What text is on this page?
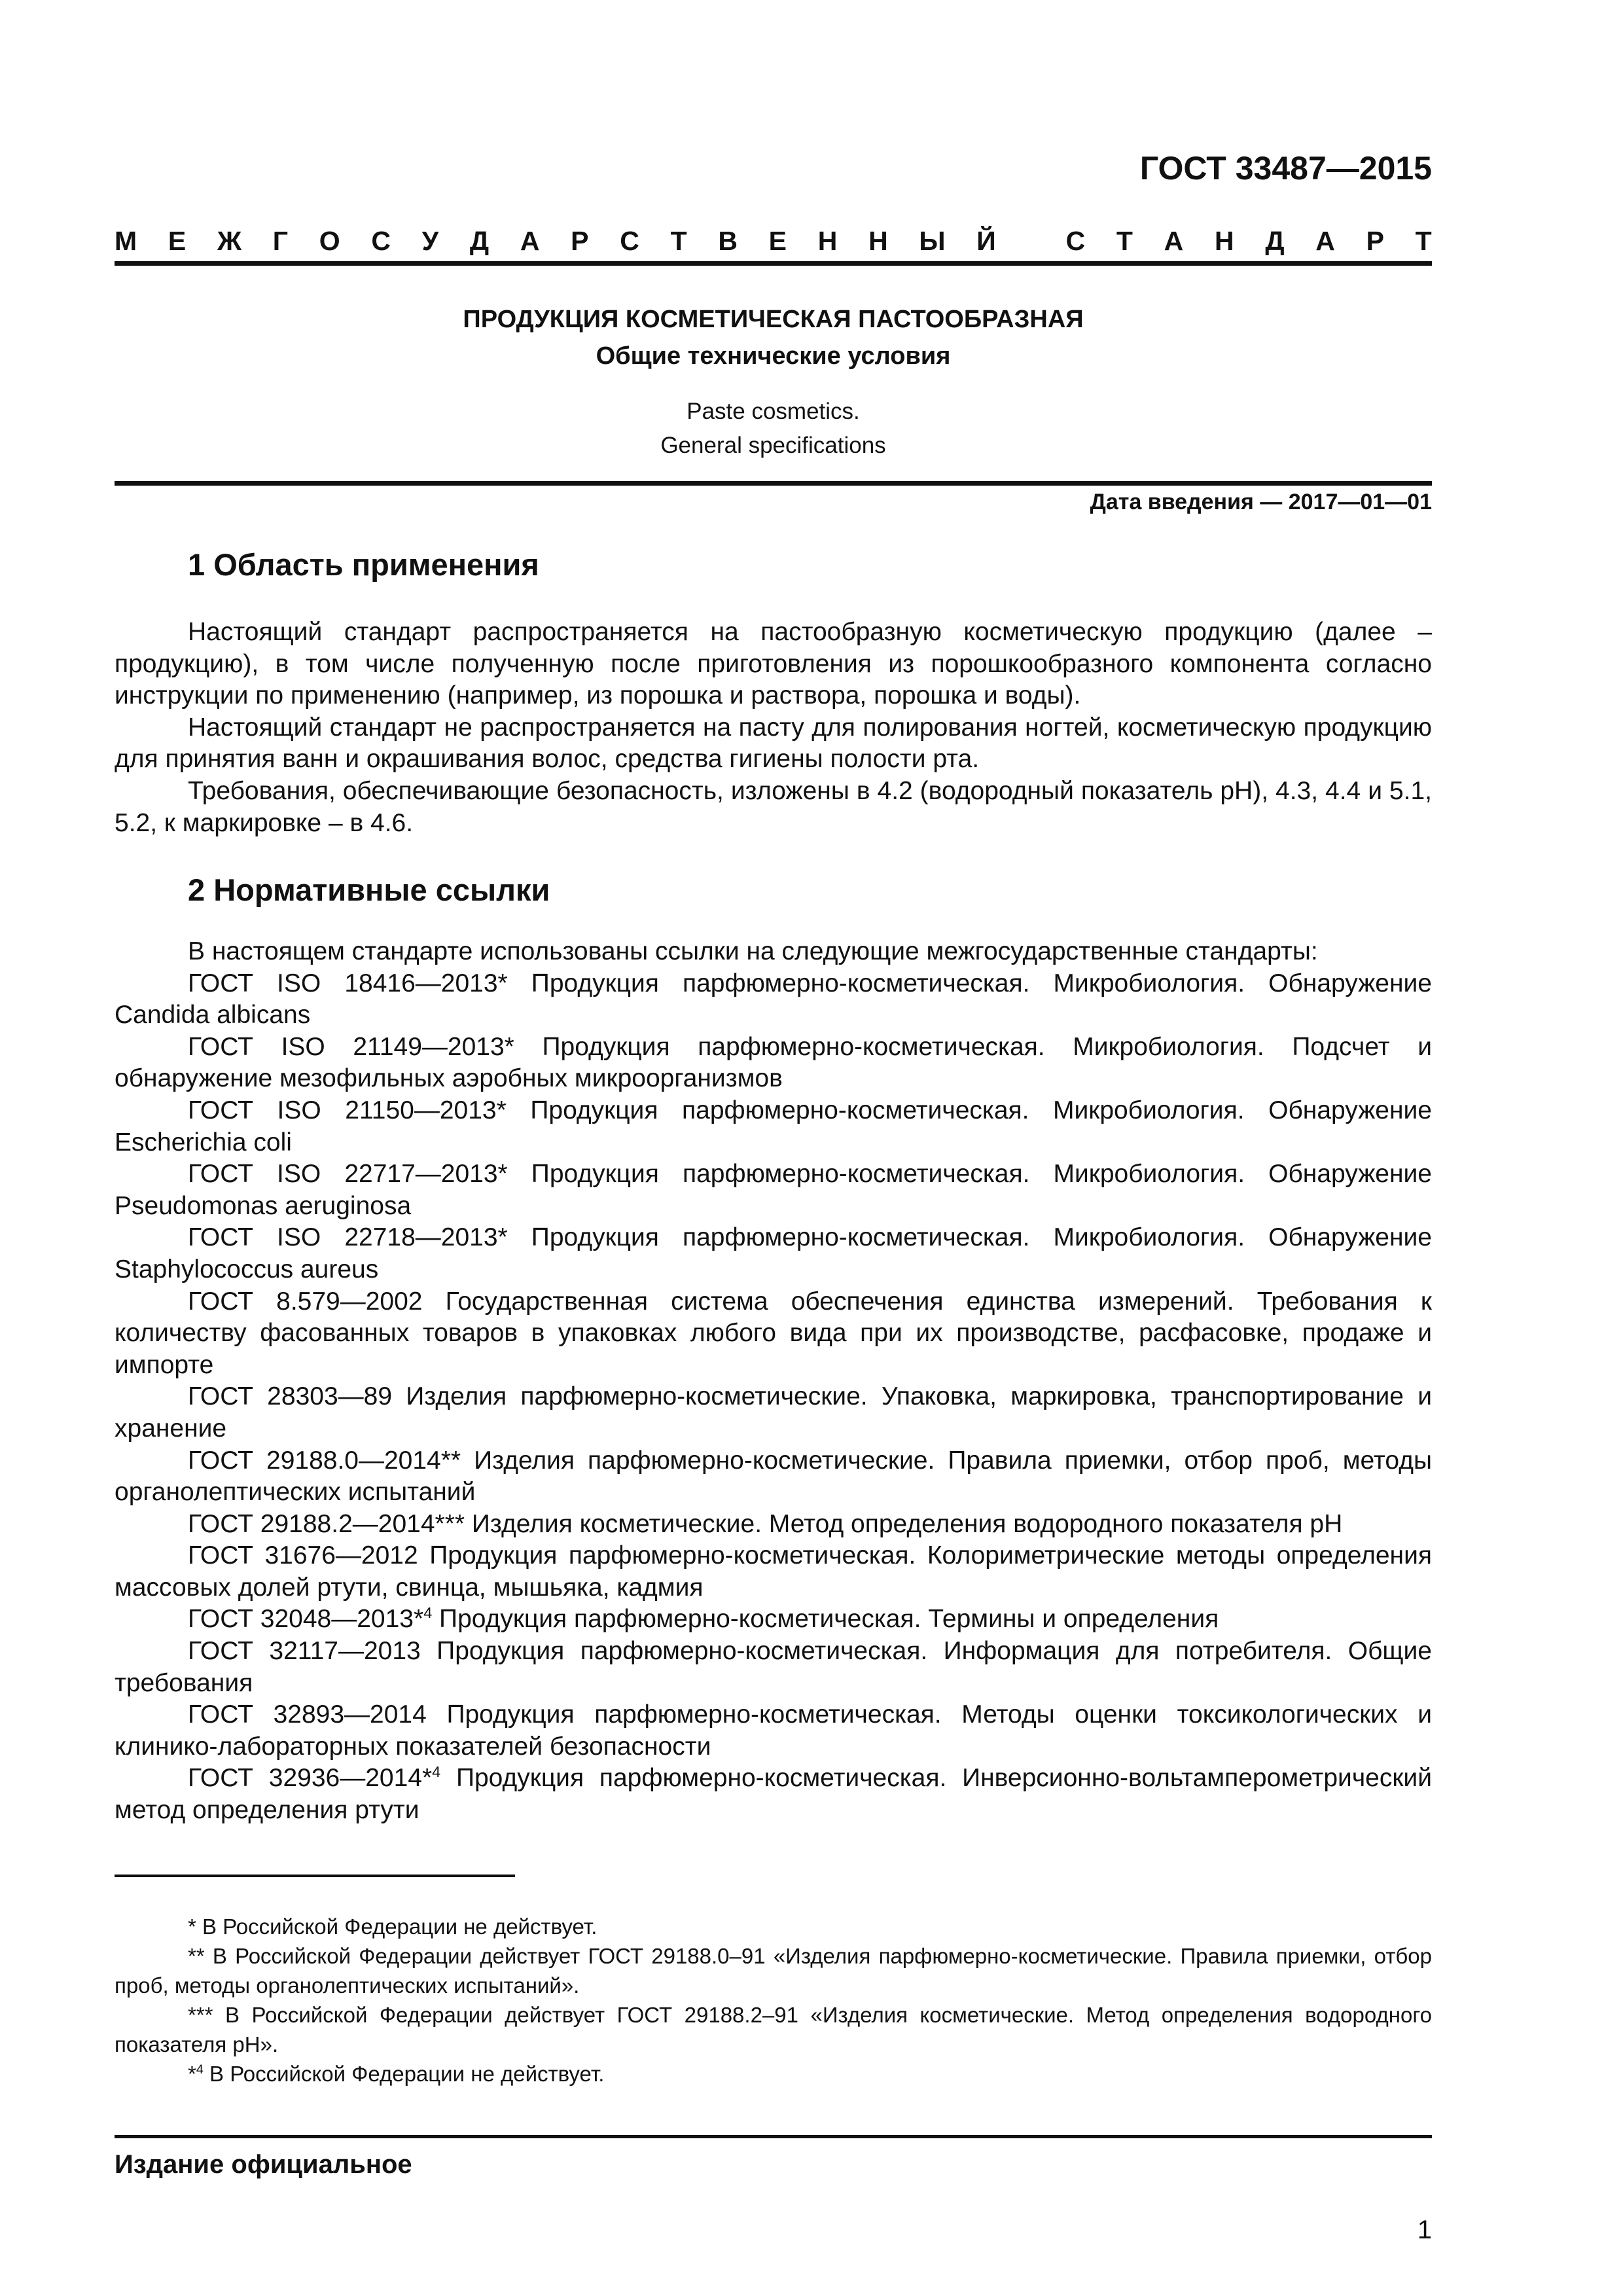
ГОСТ 33487—2015
М Е Ж Г О С У Д А Р С Т В Е Н Н Ы Й
	С Т А Н Д А Р Т
ПРОДУКЦИЯ КОСМЕТИЧЕСКАЯ ПАСТООБРАЗНАЯ
Общие технические условия
Paste cosmetics.
General specifications
Дата введения — 2017—01—01
1 Область применения

Настоящий стандарт распространяется на пастообразную косметическую продукцию (далее – продукцию), в том числе полученную после приготовления из порошкообразного компонента согласно инструкции по применению (например, из порошка и раствора, порошка и воды).

Настоящий стандарт не распространяется на пасту для полирования ногтей, косметическую продукцию для принятия ванн и окрашивания волос, средства гигиены полости рта.

Требования, обеспечивающие безопасность, изложены в 4.2 (водородный показатель pH), 4.3, 4.4 и 5.1, 5.2, к маркировке – в 4.6.

2 Нормативные ссылки

В настоящем стандарте использованы ссылки на следующие межгосударственные стандарты:

ГОСТ ISO 18416—2013* Продукция парфюмерно-косметическая. Микробиология. Обнаружение Candida albicans

ГОСТ ISO 21149—2013* Продукция парфюмерно-косметическая. Микробиология. Подсчет и обнаружение мезофильных аэробных микроорганизмов

ГОСТ ISO 21150—2013* Продукция парфюмерно-косметическая. Микробиология. Обнаружение Escherichia coli

ГОСТ ISO 22717—2013* Продукция парфюмерно-косметическая. Микробиология. Обнаружение Pseudomonas aeruginosa

ГОСТ ISO 22718—2013* Продукция парфюмерно-косметическая. Микробиология. Обнаружение Staphylococcus aureus

ГОСТ 8.579—2002 Государственная система обеспечения единства измерений. Требования к количеству фасованных товаров в упаковках любого вида при их производстве, расфасовке, продаже и импорте

ГОСТ 28303—89 Изделия парфюмерно-косметические. Упаковка, маркировка, транспортирование и хранение

ГОСТ 29188.0—2014** Изделия парфюмерно-косметические. Правила приемки, отбор проб, методы органолептических испытаний

ГОСТ 29188.2—2014*** Изделия косметические. Метод определения водородного показателя pH

ГОСТ 31676—2012 Продукция парфюмерно-косметическая. Колориметрические методы определения массовых долей ртути, свинца, мышьяка, кадмия

ГОСТ 32048—2013*$^4$ Продукция парфюмерно-косметическая. Термины и определения

ГОСТ 32117—2013 Продукция парфюмерно-косметическая. Информация для потребителя. Общие требования

ГОСТ 32893—2014 Продукция парфюмерно-косметическая. Методы оценки токсикологических и клинико-лабораторных показателей безопасности

ГОСТ 32936—2014*$^4$ Продукция парфюмерно-косметическая. Инверсионно-вольтамперометрический метод определения ртути

* В Российской Федерации не действует.

** В Российской Федерации действует ГОСТ 29188.0–91 «Изделия парфюмерно-косметические. Правила приемки, отбор проб, методы органолептических испытаний».

*** В Российской Федерации действует ГОСТ 29188.2–91 «Изделия косметические. Метод определения водородного показателя pH».

*$^4$ В Российской Федерации не действует.

Издание официальное
1
